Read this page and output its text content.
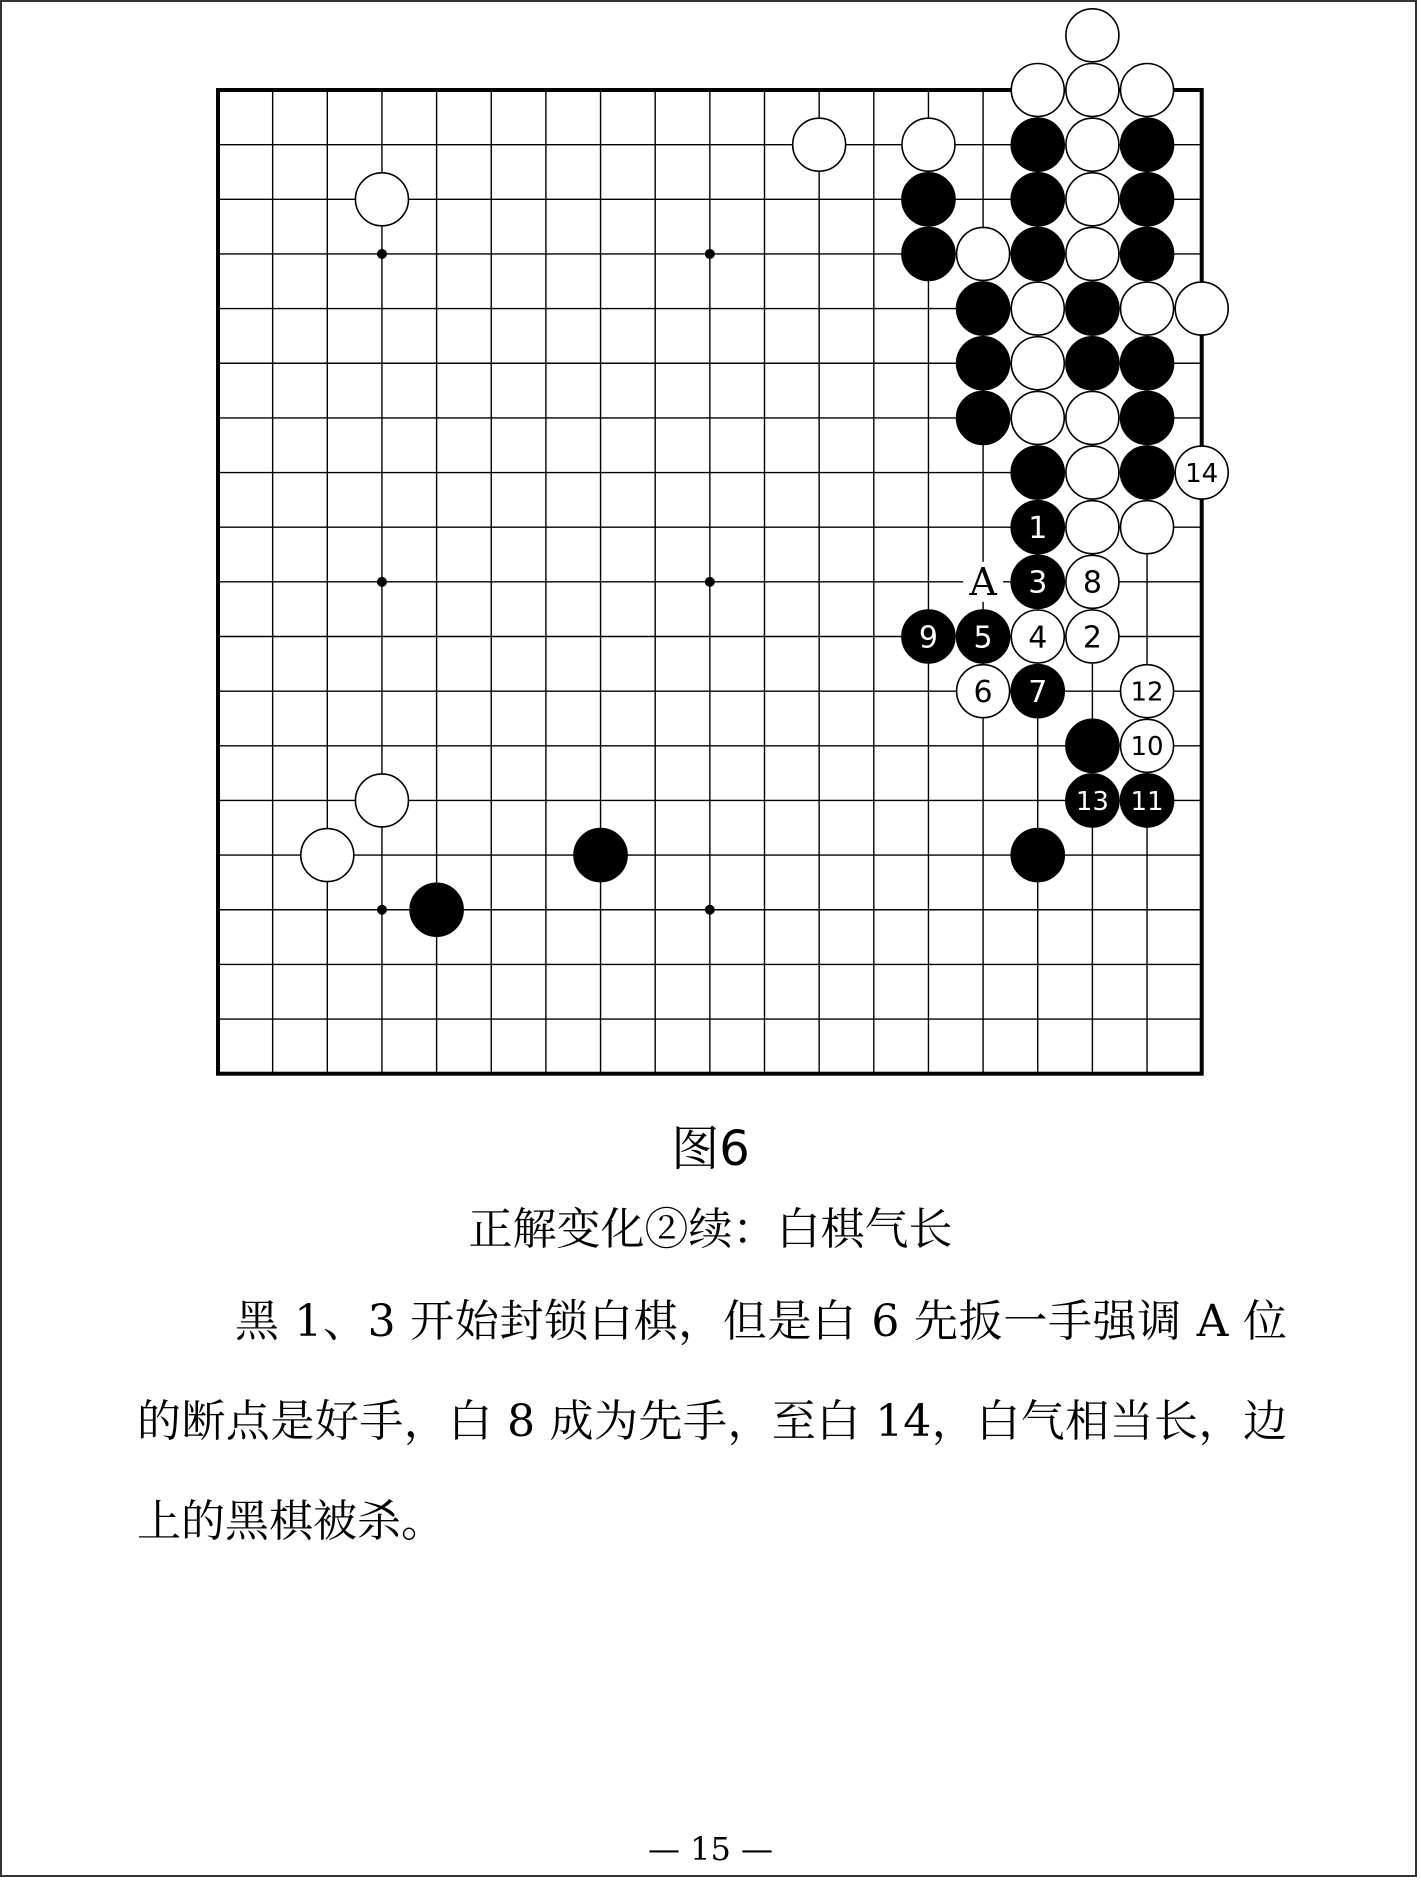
A
14
1
3 8
9 5 4 2
6 7	12
10
13 11
图6
正解变化②续：白棋气长

黑 1、3 开始封锁白棋，但是白 6 先扳一手强调 A 位的断点是好手，白 8 成为先手，至白 14，白气相当长，边上的黑棋被杀。

— 15 —
